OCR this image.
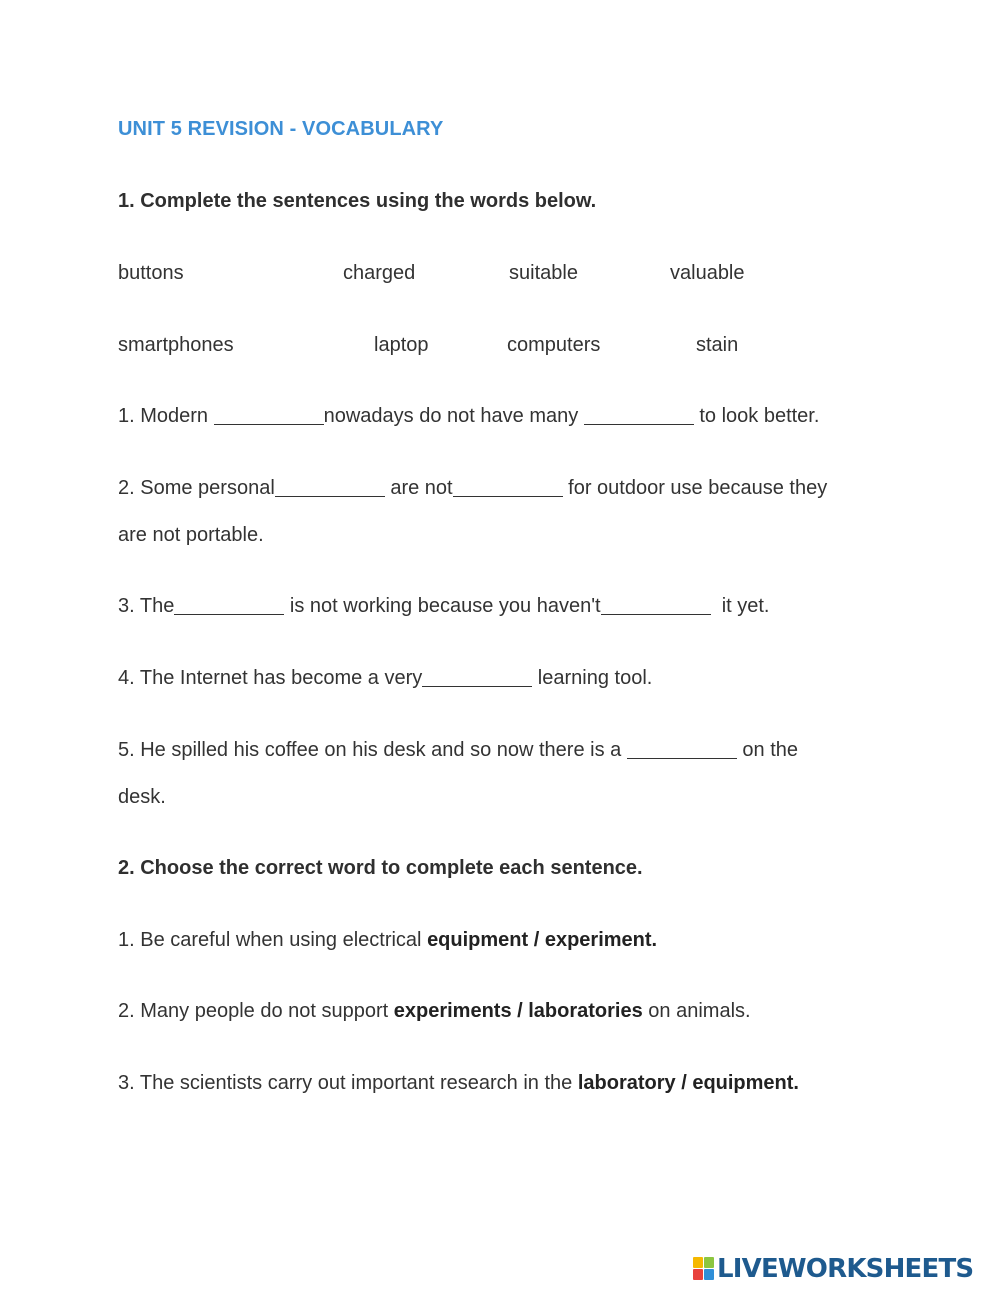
UNIT 5 REVISION - VOCABULARY
1. Complete the sentences using the words below.
buttons	charged	suitable	valuable
smartphones	laptop	computers	stain
1. Modern	nowadays do not have many	to look better.
2. Some personal	are not	for outdoor use because they
are not portable.
3. The	is not working because you haven't	it yet.
4. The Internet has become a very	learning tool.
5. He spilled his coffee on his desk and so now there is a	on the
desk.
2. Choose the correct word to complete each sentence.
1. Be careful when using electrical equipment / experiment.
2. Many people do not support experiments / laboratories on animals.
3. The scientists carry out important research in the laboratory / equipment.
LIVEWORKSHEETS
